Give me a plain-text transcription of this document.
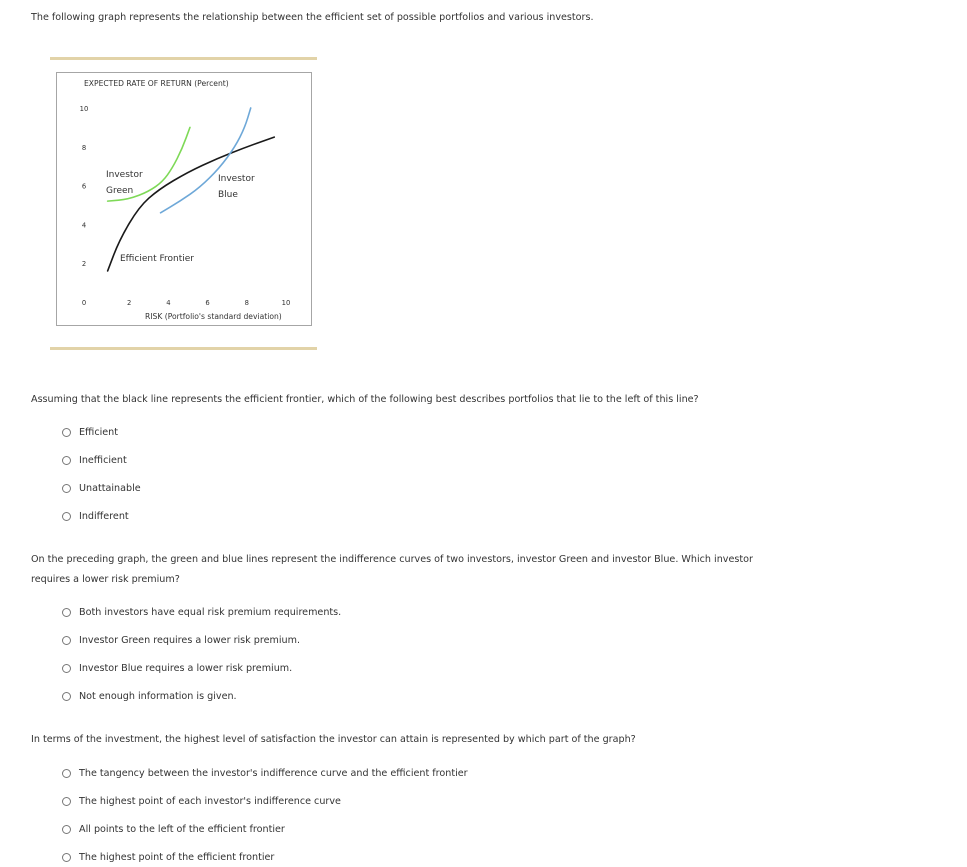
The following graph represents the relationship between the efficient set of possible portfolios and various investors.
EXPECTED RATE OF RETURN (Percent)
RISK (Portfolio's standard deviation)
0
2
4
6
8
10
2	4	6	8	10
Investor
Green
Investor
Blue
Efficient Frontier
Assuming that the black line represents the efficient frontier, which of the following best describes portfolios that lie to the left of this line?
Efficient
Inefficient
Unattainable
Indifferent
On the preceding graph, the green and blue lines represent the indifference curves of two investors, investor Green and investor Blue. Which investor
requires a lower risk premium?
Both investors have equal risk premium requirements.
Investor Green requires a lower risk premium.
Investor Blue requires a lower risk premium.
Not enough information is given.
In terms of the investment, the highest level of satisfaction the investor can attain is represented by which part of the graph?
The tangency between the investor's indifference curve and the efficient frontier
The highest point of each investor's indifference curve
All points to the left of the efficient frontier
The highest point of the efficient frontier
